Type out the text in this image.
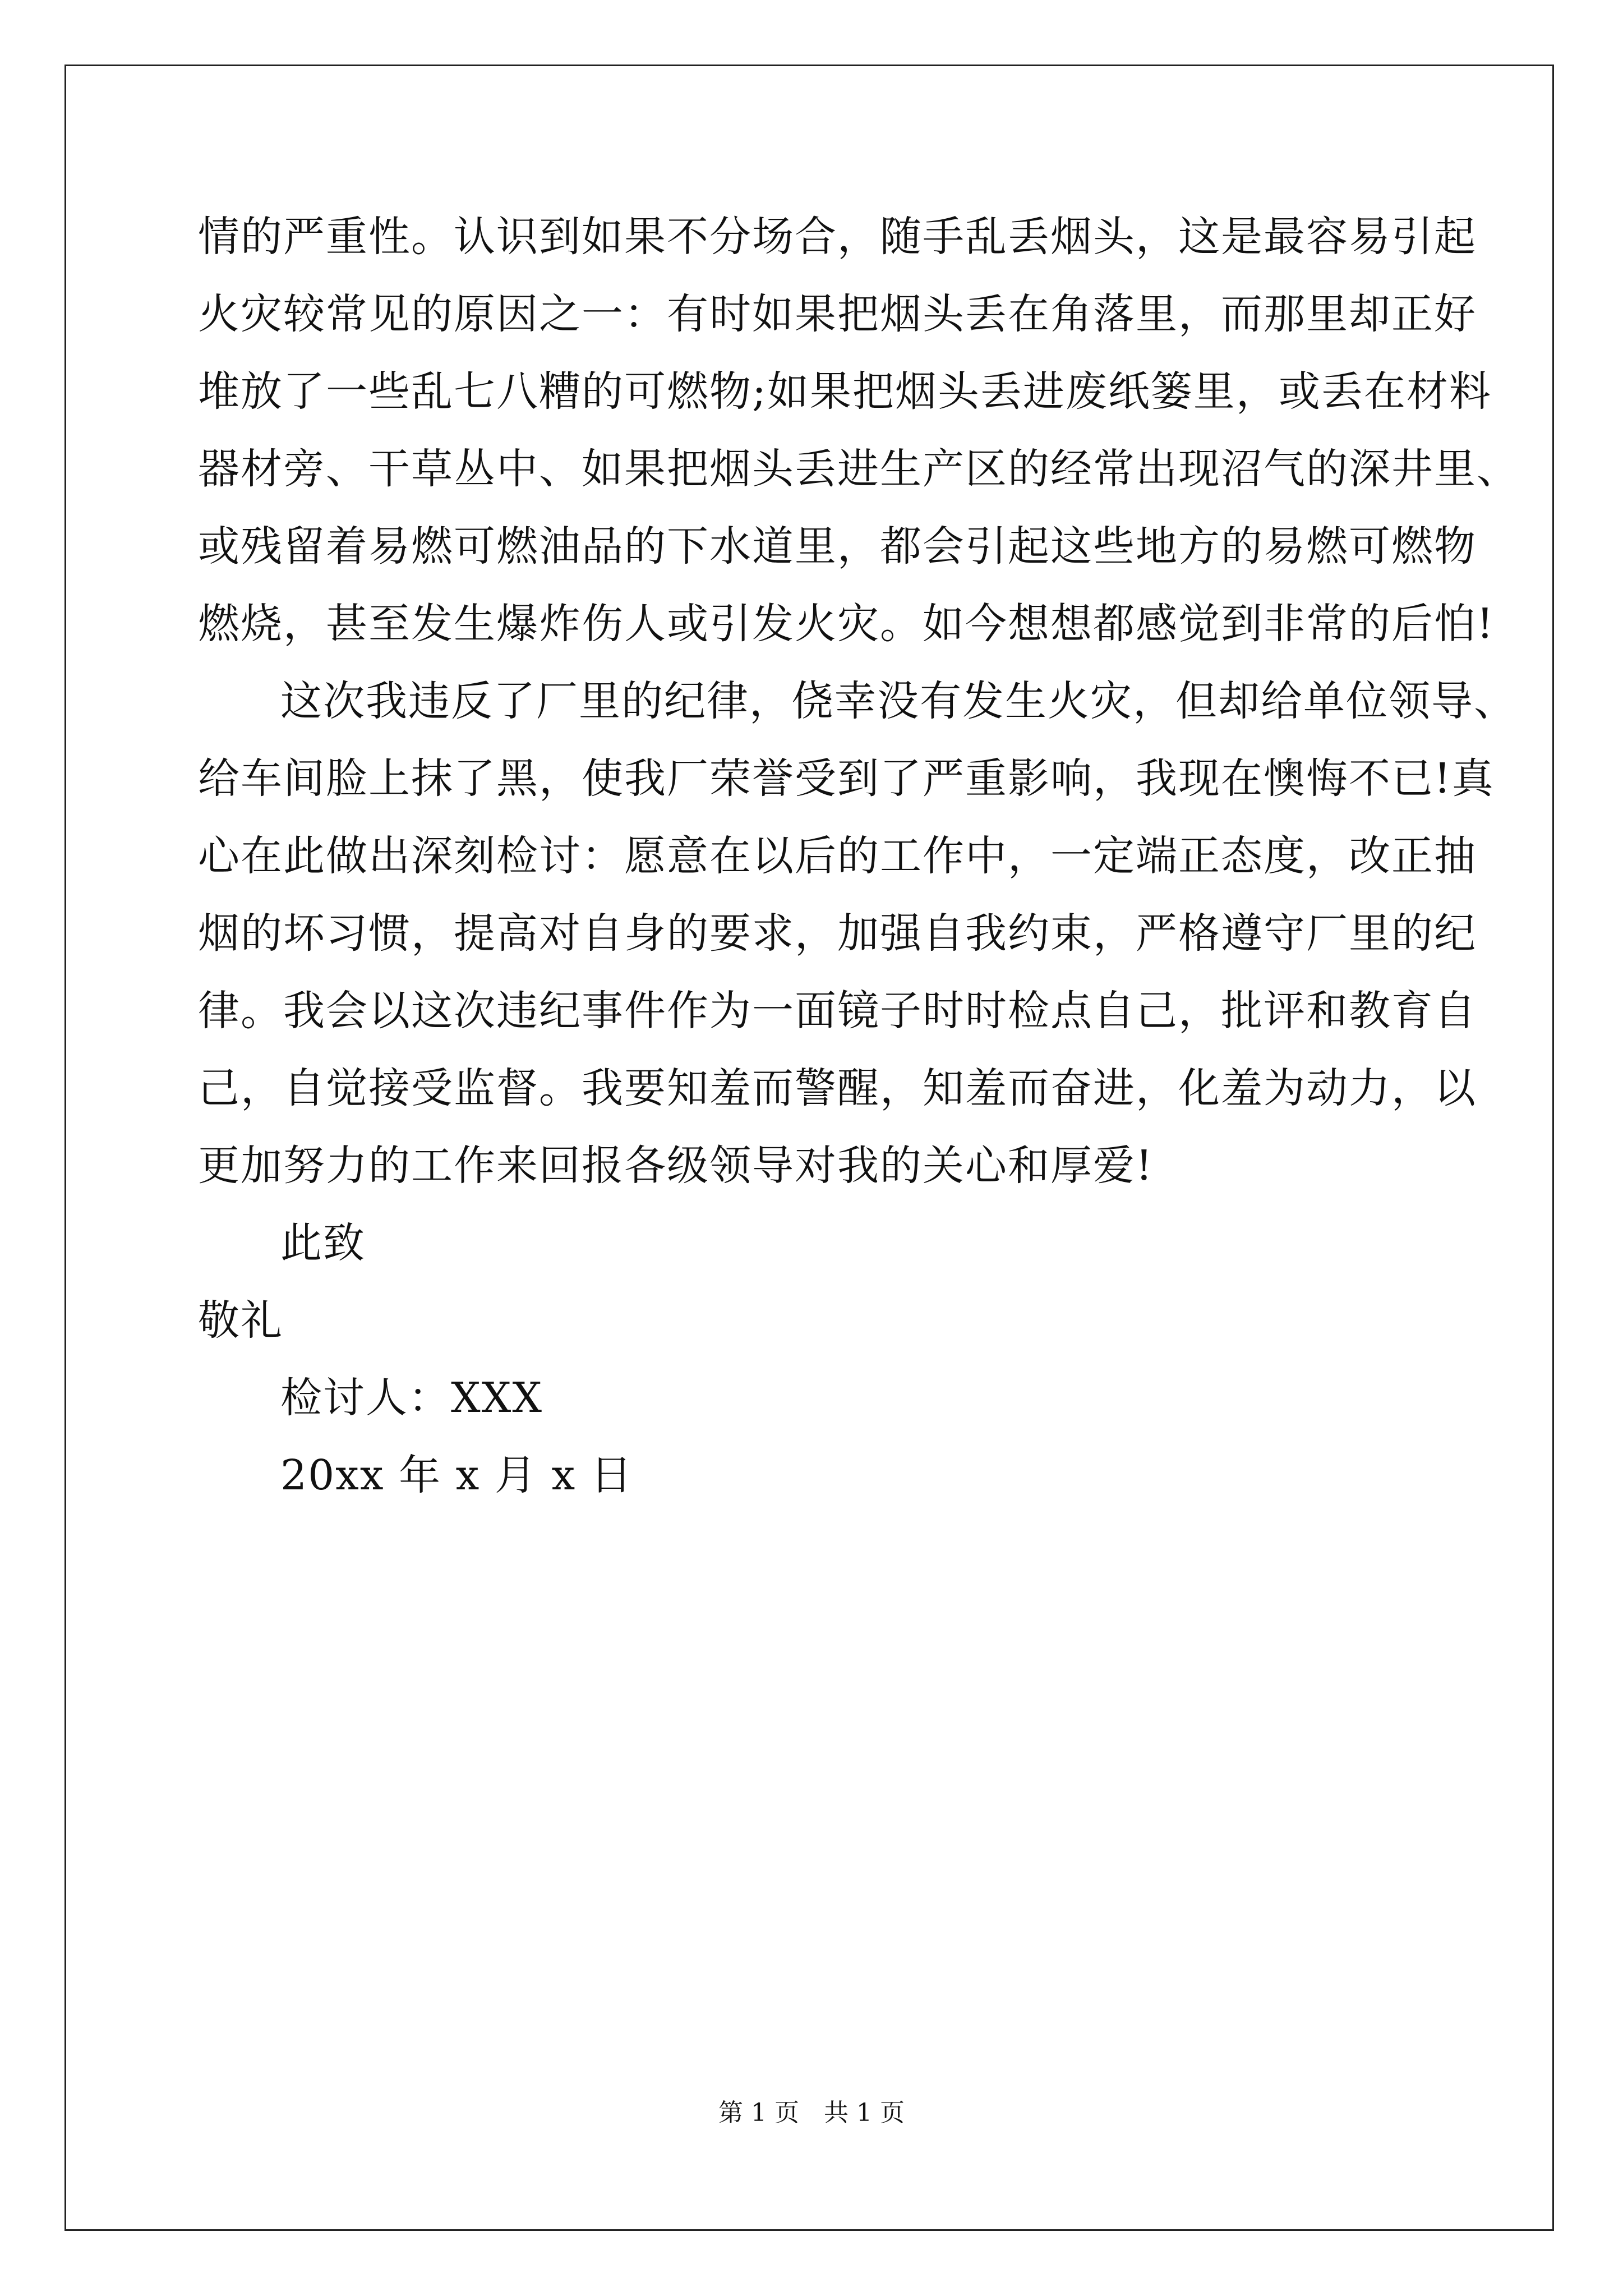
情的严重性。认识到如果不分场合，随手乱丢烟头，这是最容易引起
火灾较常见的原因之一：有时如果把烟头丢在角落里，而那里却正好
堆放了一些乱七八糟的可燃物;如果把烟头丢进废纸篓里，或丢在材料
器材旁、干草丛中、如果把烟头丢进生产区的经常出现沼气的深井里、
或残留着易燃可燃油品的下水道里，都会引起这些地方的易燃可燃物
燃烧，甚至发生爆炸伤人或引发火灾。如今想想都感觉到非常的后怕!
这次我违反了厂里的纪律，侥幸没有发生火灾，但却给单位领导、
给车间脸上抹了黑，使我厂荣誉受到了严重影响，我现在懊悔不已!真
心在此做出深刻检讨：愿意在以后的工作中，一定端正态度，改正抽
烟的坏习惯，提高对自身的要求，加强自我约束，严格遵守厂里的纪
律。我会以这次违纪事件作为一面镜子时时检点自己，批评和教育自
己，自觉接受监督。我要知羞而警醒，知羞而奋进，化羞为动力，以
更加努力的工作来回报各级领导对我的关心和厚爱!
此致
敬礼
检讨人：XXX
20xx 年 x 月 x 日
第 1 页　共 1 页
